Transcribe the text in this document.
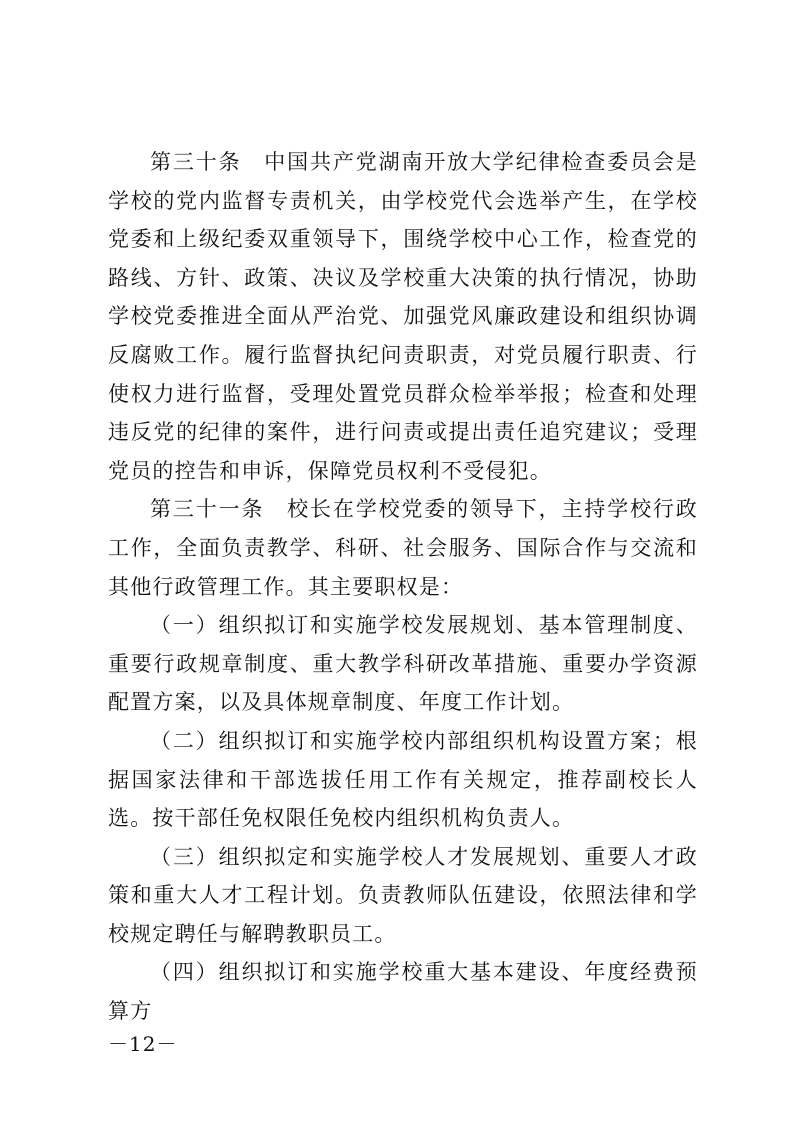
第三十条　中国共产党湖南开放大学纪律检查委员会是学校的党内监督专责机关，由学校党代会选举产生，在学校党委和上级纪委双重领导下，围绕学校中心工作，检查党的路线、方针、政策、决议及学校重大决策的执行情况，协助学校党委推进全面从严治党、加强党风廉政建设和组织协调反腐败工作。履行监督执纪问责职责，对党员履行职责、行使权力进行监督，受理处置党员群众检举举报；检查和处理违反党的纪律的案件，进行问责或提出责任追究建议；受理党员的控告和申诉，保障党员权利不受侵犯。

第三十一条　校长在学校党委的领导下，主持学校行政工作，全面负责教学、科研、社会服务、国际合作与交流和其他行政管理工作。其主要职权是：

（一）组织拟订和实施学校发展规划、基本管理制度、重要行政规章制度、重大教学科研改革措施、重要办学资源配置方案，以及具体规章制度、年度工作计划。

（二）组织拟订和实施学校内部组织机构设置方案；根据国家法律和干部选拔任用工作有关规定，推荐副校长人选。按干部任免权限任免校内组织机构负责人。

（三）组织拟定和实施学校人才发展规划、重要人才政策和重大人才工程计划。负责教师队伍建设，依照法律和学校规定聘任与解聘教职员工。

（四）组织拟订和实施学校重大基本建设、年度经费预算方

－12－
